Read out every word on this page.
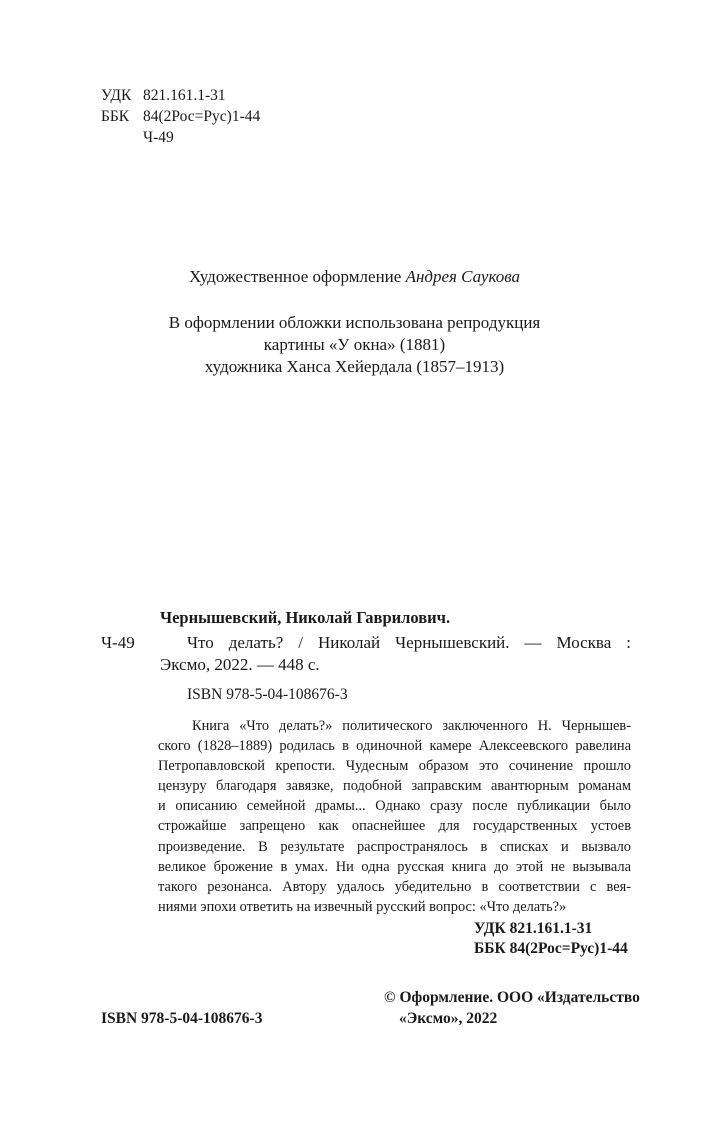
УДК 821.161.1-31
ББК 84(2Рос=Рус)1-44
Ч-49
Художественное оформление Андрея Саукова
В оформлении обложки использована репродукция
картины «У окна» (1881)
художника Ханса Хейердала (1857–1913)
Чернышевский, Николай Гаврилович.
Ч-49	Что делать? / Николай Чернышевский. — Москва :
Эксмо, 2022. — 448 с.
ISBN 978-5-04-108676-3
Книга «Что делать?» политического заключенного Н. Чернышев-
ского (1828–1889) родилась в одиночной камере Алексеевского равелина
Петропавловской крепости. Чудесным образом это сочинение прошло
цензуру благодаря завязке, подобной заправским авантюрным романам
и описанию семейной драмы... Однако сразу после публикации было
строжайше запрещено как опаснейшее для государственных устоев
произведение. В результате распространялось в списках и вызвало
великое брожение в умах. Ни одна русская книга до этой не вызывала
такого резонанса. Автору удалось убедительно в соответствии с вея-
ниями эпохи ответить на извечный русский вопрос: «Что делать?»
УДК 821.161.1-31
ББК 84(2Рос=Рус)1-44
ISBN 978-5-04-108676-3
© Оформление. ООО «Издательство
«Эксмо», 2022
